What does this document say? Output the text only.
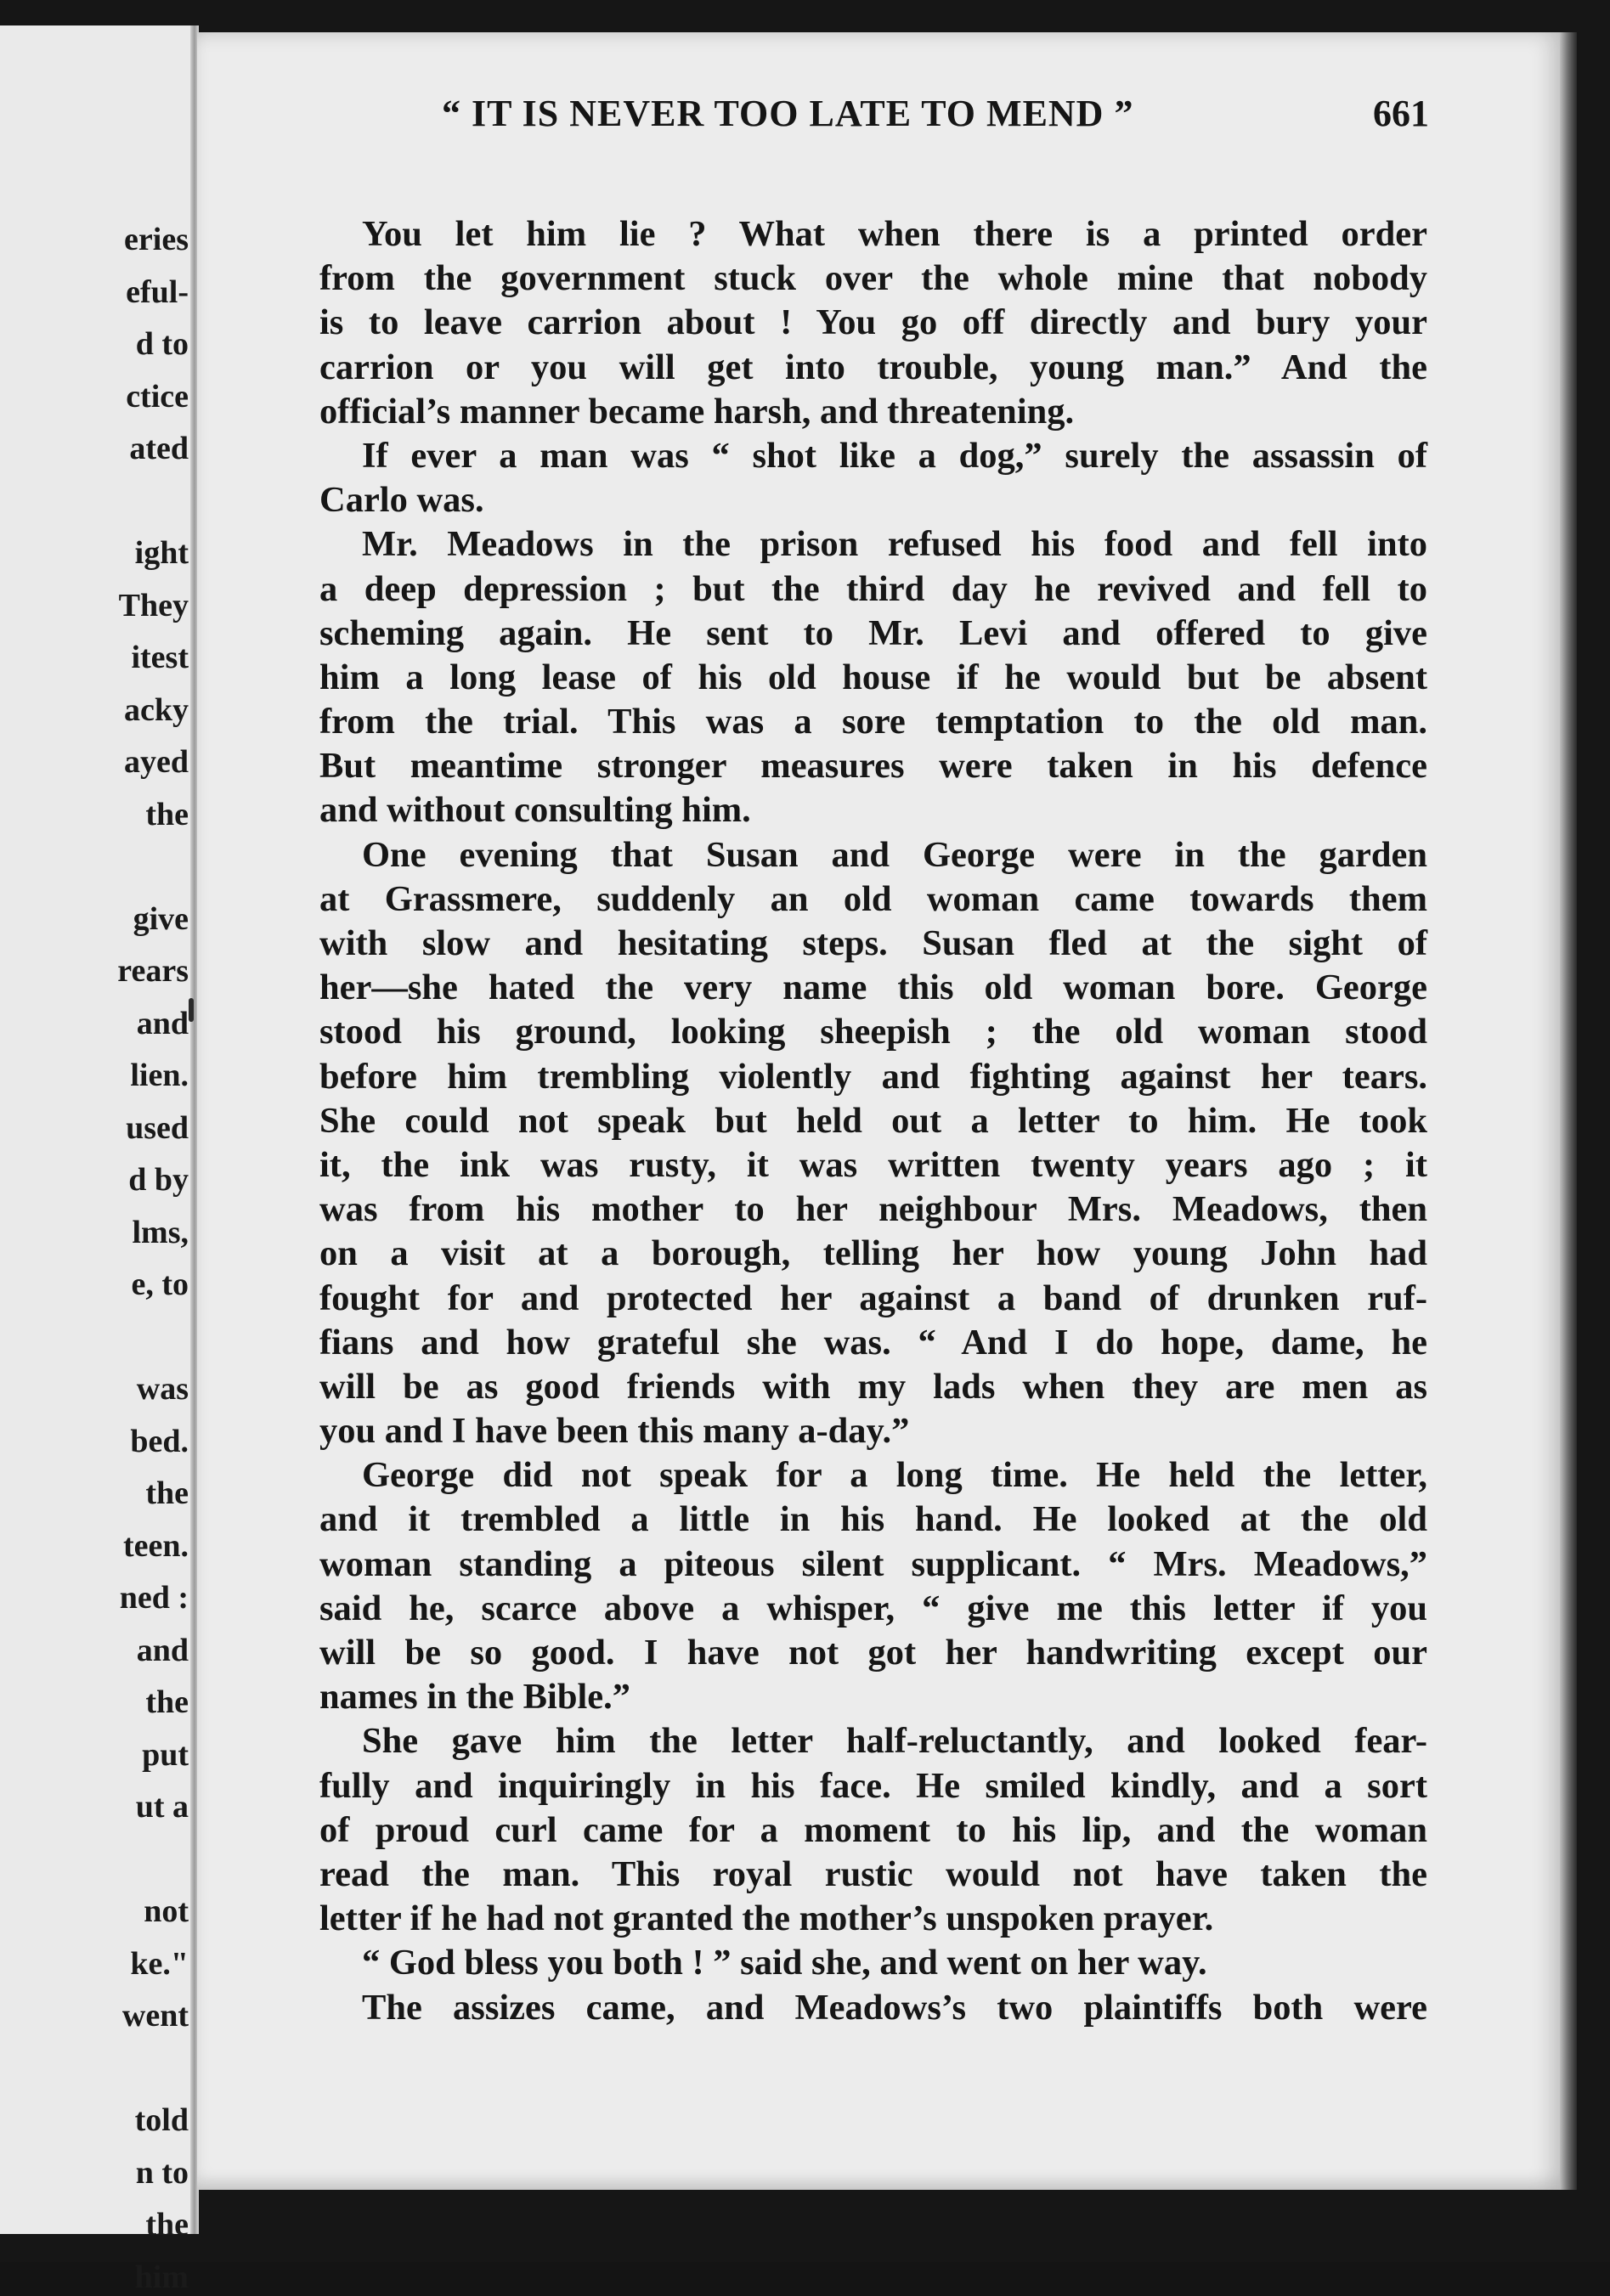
eries
eful-
d to
ctice
ated
ight
They
itest
acky
ayed
the
give
rears
and
lien.
used
d by
lms,
e, to
was
bed.
the
teen.
ned :
and
the
put
ut a
not
ke."
went
told
n to
the
him
“ IT IS NEVER TOO LATE TO MEND ”	661
You let him lie ? What when there is a printed order
from the government stuck over the whole mine that nobody
is to leave carrion about ! You go off directly and bury your
carrion or you will get into trouble, young man.” And the
official’s manner became harsh, and threatening.
If ever a man was “ shot like a dog,” surely the assassin of
Carlo was.
Mr. Meadows in the prison refused his food and fell into
a deep depression ; but the third day he revived and fell to
scheming again. He sent to Mr. Levi and offered to give
him a long lease of his old house if he would but be absent
from the trial. This was a sore temptation to the old man.
But meantime stronger measures were taken in his defence
and without consulting him.
One evening that Susan and George were in the garden
at Grassmere, suddenly an old woman came towards them
with slow and hesitating steps. Susan fled at the sight of
her—she hated the very name this old woman bore. George
stood his ground, looking sheepish ; the old woman stood
before him trembling violently and fighting against her tears.
She could not speak but held out a letter to him. He took
it, the ink was rusty, it was written twenty years ago ; it
was from his mother to her neighbour Mrs. Meadows, then
on a visit at a borough, telling her how young John had
fought for and protected her against a band of drunken ruf-
fians and how grateful she was. “ And I do hope, dame, he
will be as good friends with my lads when they are men as
you and I have been this many a-day.”
George did not speak for a long time. He held the letter,
and it trembled a little in his hand. He looked at the old
woman standing a piteous silent supplicant. “ Mrs. Meadows,”
said he, scarce above a whisper, “ give me this letter if you
will be so good. I have not got her handwriting except our
names in the Bible.”
She gave him the letter half-reluctantly, and looked fear-
fully and inquiringly in his face. He smiled kindly, and a sort
of proud curl came for a moment to his lip, and the woman
read the man. This royal rustic would not have taken the
letter if he had not granted the mother’s unspoken prayer.
“ God bless you both ! ” said she, and went on her way.
The assizes came, and Meadows’s two plaintiffs both were
